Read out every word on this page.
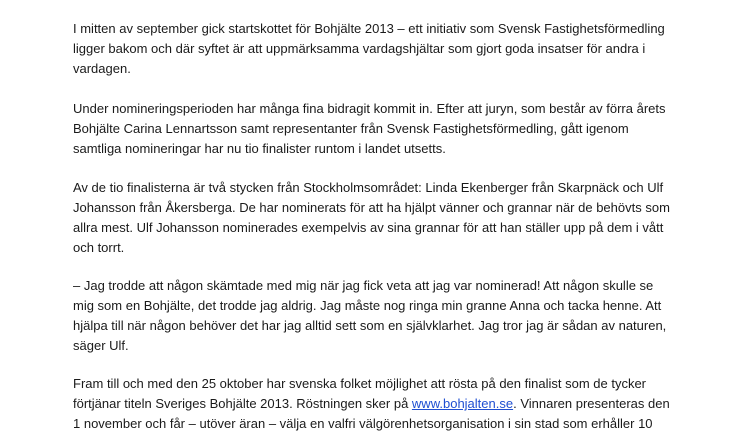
I mitten av september gick startskottet för Bohjälte 2013 – ett initiativ som Svensk Fastighetsförmedling
ligger bakom och där syftet är att uppmärksamma vardagshjältar som gjort goda insatser för andra i
vardagen.
Under nomineringsperioden har många fina bidragit kommit in. Efter att juryn, som består av förra årets
Bohjälte Carina Lennartsson samt representanter från Svensk Fastighetsförmedling, gått igenom
samtliga nomineringar har nu tio finalister runtom i landet utsetts.
Av de tio finalisterna är två stycken från Stockholmsområdet: Linda Ekenberger från Skarpnäck och Ulf
Johansson från Åkersberga. De har nominerats för att ha hjälpt vänner och grannar när de behövts som
allra mest. Ulf Johansson nominerades exempelvis av sina grannar för att han ställer upp på dem i vått
och torrt.
– Jag trodde att någon skämtade med mig när jag fick veta att jag var nominerad! Att någon skulle se
mig som en Bohjälte, det trodde jag aldrig. Jag måste nog ringa min granne Anna och tacka henne. Att
hjälpa till när någon behöver det har jag alltid sett som en självklarhet. Jag tror jag är sådan av naturen,
säger Ulf.
Fram till och med den 25 oktober har svenska folket möjlighet att rösta på den finalist som de tycker
förtjänar titeln Sveriges Bohjälte 2013. Röstningen sker på www.bohjalten.se. Vinnaren presenteras den
1 november och får – utöver äran – välja en valfri välgörenhetsorganisation i sin stad som erhåller 10
